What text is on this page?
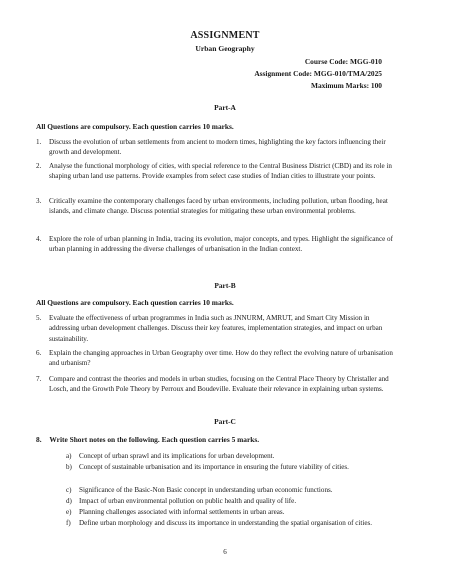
ASSIGNMENT
Urban Geography
Course Code: MGG-010
Assignment Code: MGG-010/TMA/2025
Maximum Marks: 100
Part-A
All Questions are compulsory. Each question carries 10 marks.
1. Discuss the evolution of urban settlements from ancient to modern times, highlighting the key factors influencing their growth and development.
2. Analyse the functional morphology of cities, with special reference to the Central Business District (CBD) and its role in shaping urban land use patterns. Provide examples from select case studies of Indian cities to illustrate your points.
3. Critically examine the contemporary challenges faced by urban environments, including pollution, urban flooding, heat islands, and climate change. Discuss potential strategies for mitigating these urban environmental problems.
4. Explore the role of urban planning in India, tracing its evolution, major concepts, and types. Highlight the significance of urban planning in addressing the diverse challenges of urbanisation in the Indian context.
Part-B
All Questions are compulsory. Each question carries 10 marks.
5. Evaluate the effectiveness of urban programmes in India such as JNNURM, AMRUT, and Smart City Mission in addressing urban development challenges. Discuss their key features, implementation strategies, and impact on urban sustainability.
6. Explain the changing approaches in Urban Geography over time. How do they reflect the evolving nature of urbanisation and urbanism?
7. Compare and contrast the theories and models in urban studies, focusing on the Central Place Theory by Christaller and Losch, and the Growth Pole Theory by Perroux and Boudeville. Evaluate their relevance in explaining urban systems.
Part-C
8. Write Short notes on the following. Each question carries 5 marks.
a) Concept of urban sprawl and its implications for urban development.
b) Concept of sustainable urbanisation and its importance in ensuring the future viability of cities.
c) Significance of the Basic-Non Basic concept in understanding urban economic functions.
d) Impact of urban environmental pollution on public health and quality of life.
e) Planning challenges associated with informal settlements in urban areas.
f) Define urban morphology and discuss its importance in understanding the spatial organisation of cities.
6
